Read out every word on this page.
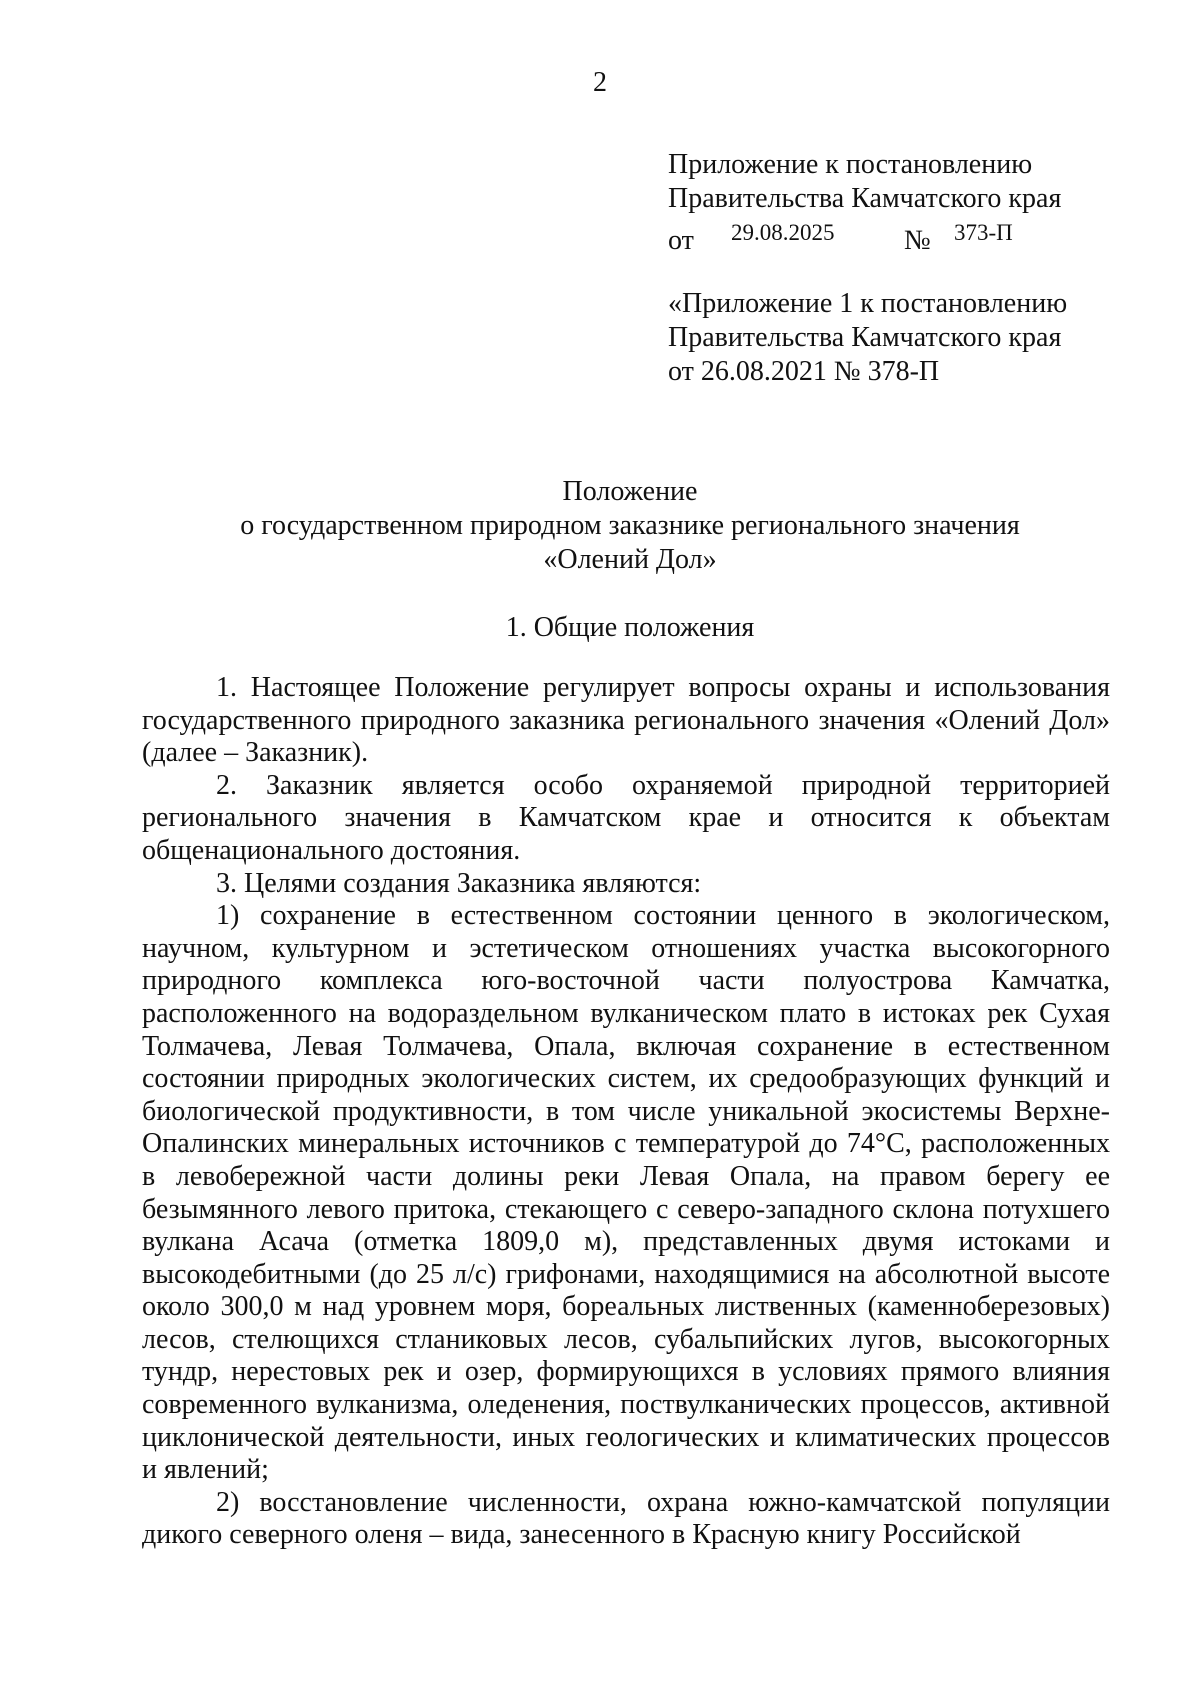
2
Приложение к постановлению
Правительства Камчатского края
от 29.08.2025 № 373-П
«Приложение 1 к постановлению
Правительства Камчатского края
от 26.08.2021 № 378-П
Положение
о государственном природном заказнике регионального значения
«Олений Дол»
1. Общие положения

1. Настоящее Положение регулирует вопросы охраны и использования государственного природного заказника регионального значения «Олений Дол» (далее – Заказник).

2. Заказник является особо охраняемой природной территорией регионального значения в Камчатском крае и относится к объектам общенационального достояния.

3. Целями создания Заказника являются:

1) сохранение в естественном состоянии ценного в экологическом, научном, культурном и эстетическом отношениях участка высокогорного природного комплекса юго-восточной части полуострова Камчатка, расположенного на водораздельном вулканическом плато в истоках рек Сухая Толмачева, Левая Толмачева, Опала, включая сохранение в естественном состоянии природных экологических систем, их средообразующих функций и биологической продуктивности, в том числе уникальной экосистемы Верхне-Опалинских минеральных источников с температурой до 74°С, расположенных в левобережной части долины реки Левая Опала, на правом берегу ее безымянного левого притока, стекающего с северо-западного склона потухшего вулкана Асача (отметка 1809,0 м), представленных двумя истоками и высокодебитными (до 25 л/с) грифонами, находящимися на абсолютной высоте около 300,0 м над уровнем моря, бореальных лиственных (каменноберезовых) лесов, стелющихся стланиковых лесов, субальпийских лугов, высокогорных тундр, нерестовых рек и озер, формирующихся в условиях прямого влияния современного вулканизма, оледенения, поствулканических процессов, активной циклонической деятельности, иных геологических и климатических процессов и явлений;

2) восстановление численности, охрана южно-камчатской популяции дикого северного оленя – вида, занесенного в Красную книгу Российской
